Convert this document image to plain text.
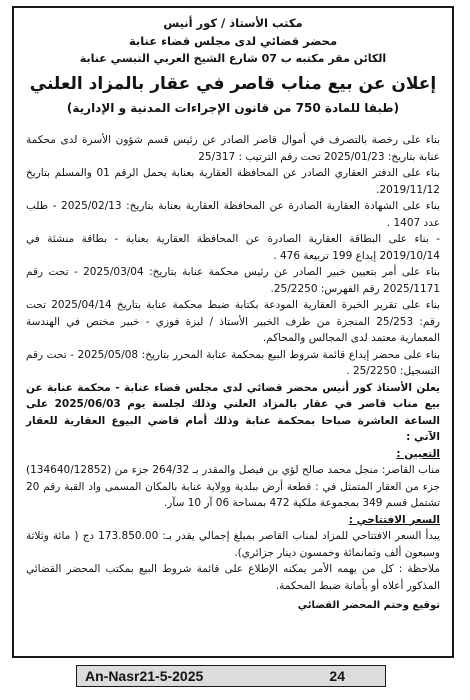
مكتب الأستاذ / كور أنيس
محضر قضائي لدى مجلس قضاء عنابة
الكائن مقر مكتبه ب 07 شارع الشيخ العربي التبسي عنابة
إعلان عن بيع مناب قاصر في عقار بالمزاد العلني
(طبقا للمادة 750 من قانون الإجراءات المدنية و الإدارية)
بناء على رخصة بالتصرف في أموال قاصر الصادر عن رئيس قسم شؤون الأسرة لدى محكمة عنابة بتاريخ: 2025/01/23 تحت رقم الترتيب : 25/317
بناء على الدفتر العقاري الصادر عن المحافظة العقارية بعنابة يحمل الرقم 01 والمسلم بتاريخ 2019/11/12.
بناء على الشهادة العقارية الصادرة عن المحافظة العقارية بعنابة بتاريخ: 2025/02/13 - طلب عدد 1407 .
- بناء على البطاقة العقارية الصادرة عن المحافظة العقارية بعنابة - بطاقة منشئة في 2019/10/14 إيداع 199 تربيعة 476 .
بناء على أمر بتعيين خبير الصادر عن رئيس محكمة عنابة بتاريخ: 2025/03/04 - تحت رقم 2025/1171 رقم الفهرس: 25/2250.
بناء على تقرير الخبرة العقارية المودعة بكتابة ضبط محكمة عنابة بتاريخ 2025/04/14 تحت رقم: 25/253 المنجزة من طرف الخبير الأستاذ / لبزة فوزي - خبير مختص في الهندسة المعمارية معتمد لدى المجالس والمحاكم.
بناء على محضر إيداع قائمة شروط البيع بمحكمة عنابة المحرر بتاريخ: 2025/05/08 - تحت رقم التسجيل: 25/2250 .
يعلن الأستاذ كور أنيس محضر قضائي لدى مجلس قضاء عنابة - محكمة عنابة عن بيع مناب قاصر في عقار بالمزاد العلني وذلك لجلسة يوم 2025/06/03 على الساعة العاشرة صباحا بمحكمة عنابة وذلك أمام قاضي البيوع العقارية للعقار الآتي :
التعيين :
مناب القاصر: منجل محمد صالح لؤي بن فيصل والمقدر بـ 264/32 جزء من (134640/12852) جزء من العقار المتمثل في : قطعة أرض ببلدية وولاية عنابة بالمكان المسمى واد القبة رقم 20 تشتمل قسم 349 بمجموعة ملكية 472 بمساحة 06 آر 10 سآر.
السعر الافتتاحي :
يبدأ السعر الافتتاحي للمزاد لمناب القاصر بمبلغ إجمالي يقدر بـ: 173.850.00 دج ( مائة وثلاثة وسبعون ألف وثمانمائة وخمسون دينار جزائري).
ملاحظة : كل من يهمه الأمر يمكنه الإطلاع على قائمة شروط البيع بمكتب المحضر القضائي المذكور أعلاه أو بأمانة ضبط المحكمة.
توقيع وختم المحضر القضائي
An-Nasr21-5-2025	24
